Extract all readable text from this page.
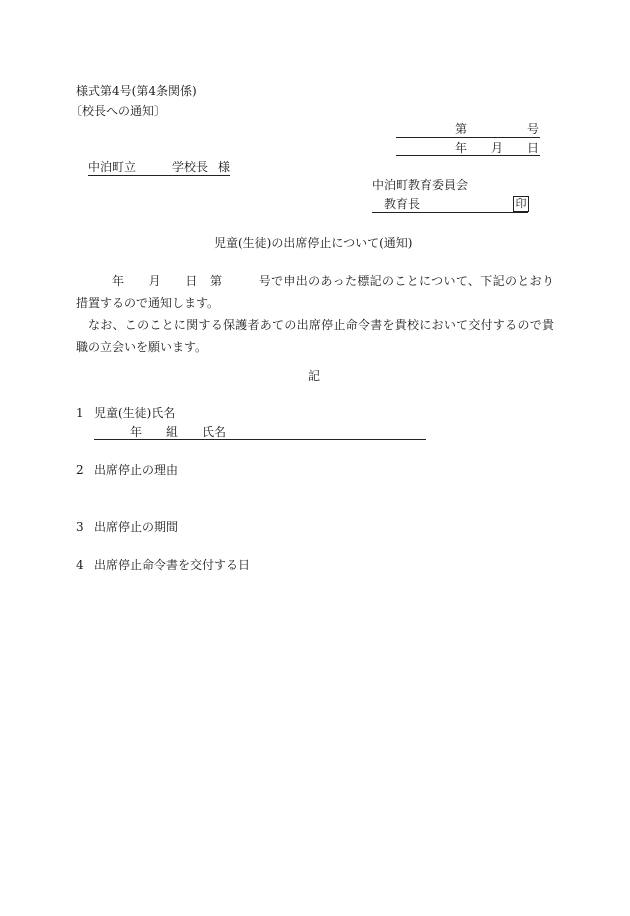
様式第4号(第4条関係)
〔校長への通知〕
第	号
年 月 日
中泊町立	学校長 様
中泊町教育委員会
教育長	印
児童(生徒)の出席停止について(通知)

年 月 日 第	号で申出のあった標記のことについて、下記のとおり措置するので通知します。

なお、このことに関する保護者あての出席停止命令書を貴校において交付するので貴職の立会いを願います。

記
1 児童(生徒)氏名
年 組 氏名
2 出席停止の理由
3 出席停止の期間
4 出席停止命令書を交付する日
